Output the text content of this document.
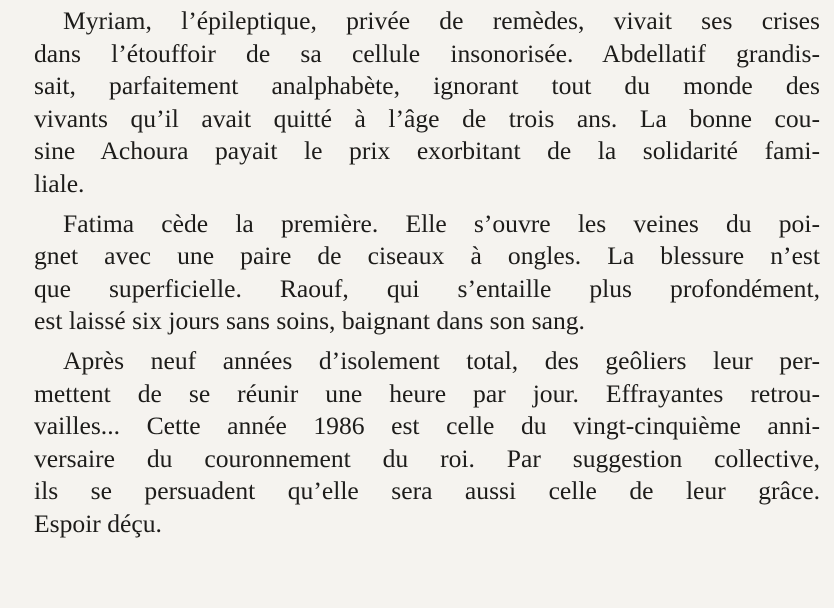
Myriam, l’épileptique, privée de remèdes, vivait ses crises
dans l’étouffoir de sa cellule insonorisée. Abdellatif grandis-
sait, parfaitement analphabète, ignorant tout du monde des
vivants qu’il avait quitté à l’âge de trois ans. La bonne cou-
sine Achoura payait le prix exorbitant de la solidarité fami-
liale.

Fatima cède la première. Elle s’ouvre les veines du poi-
gnet avec une paire de ciseaux à ongles. La blessure n’est
que superficielle. Raouf, qui s’entaille plus profondément,
est laissé six jours sans soins, baignant dans son sang.

Après neuf années d’isolement total, des geôliers leur per-
mettent de se réunir une heure par jour. Effrayantes retrou-
vailles... Cette année 1986 est celle du vingt-cinquième anni-
versaire du couronnement du roi. Par suggestion collective,
ils se persuadent qu’elle sera aussi celle de leur grâce.
Espoir déçu.
